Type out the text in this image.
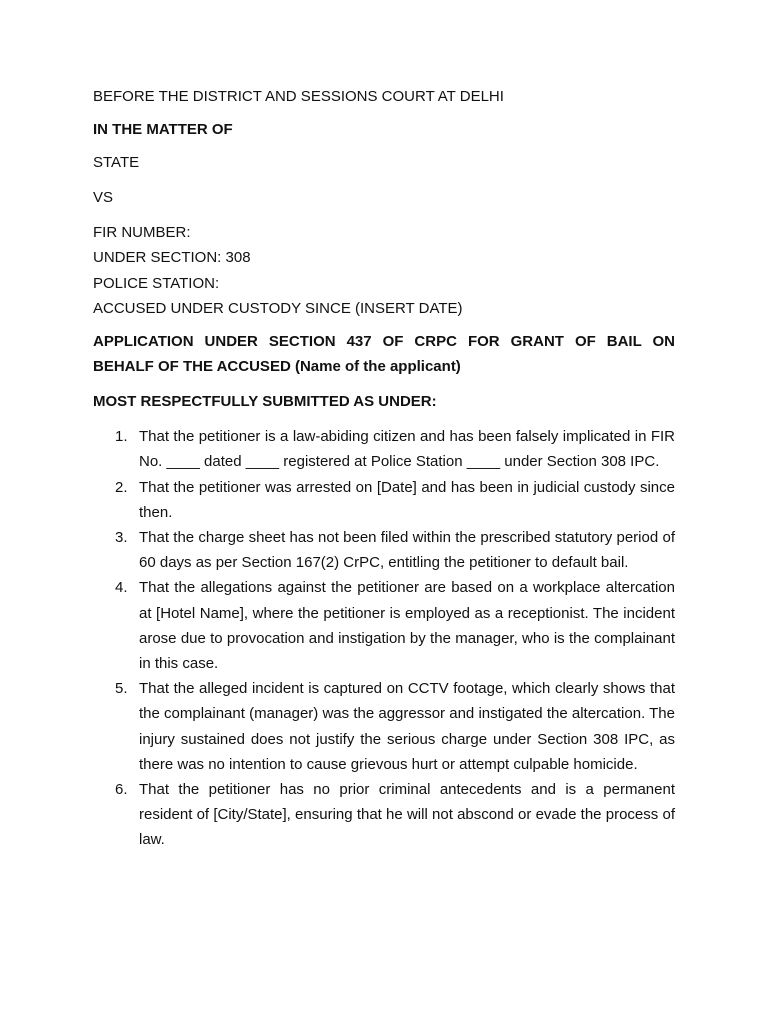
BEFORE THE DISTRICT AND SESSIONS COURT AT DELHI

IN THE MATTER OF

STATE

VS

FIR NUMBER:

UNDER SECTION: 308

POLICE STATION:

ACCUSED UNDER CUSTODY SINCE (INSERT DATE)

APPLICATION UNDER SECTION 437 OF CRPC FOR GRANT OF BAIL ON
BEHALF OF THE ACCUSED (Name of the applicant)

MOST RESPECTFULLY SUBMITTED AS UNDER:

1. That the petitioner is a law-abiding citizen and has been falsely implicated in FIR No. ____ dated ____ registered at Police Station ____ under Section 308 IPC.
2. That the petitioner was arrested on [Date] and has been in judicial custody since then.
3. That the charge sheet has not been filed within the prescribed statutory period of 60 days as per Section 167(2) CrPC, entitling the petitioner to default bail.
4. That the allegations against the petitioner are based on a workplace altercation at [Hotel Name], where the petitioner is employed as a receptionist. The incident arose due to provocation and instigation by the manager, who is the complainant in this case.
5. That the alleged incident is captured on CCTV footage, which clearly shows that the complainant (manager) was the aggressor and instigated the altercation. The injury sustained does not justify the serious charge under Section 308 IPC, as there was no intention to cause grievous hurt or attempt culpable homicide.
6. That the petitioner has no prior criminal antecedents and is a permanent resident of [City/State], ensuring that he will not abscond or evade the process of law.
